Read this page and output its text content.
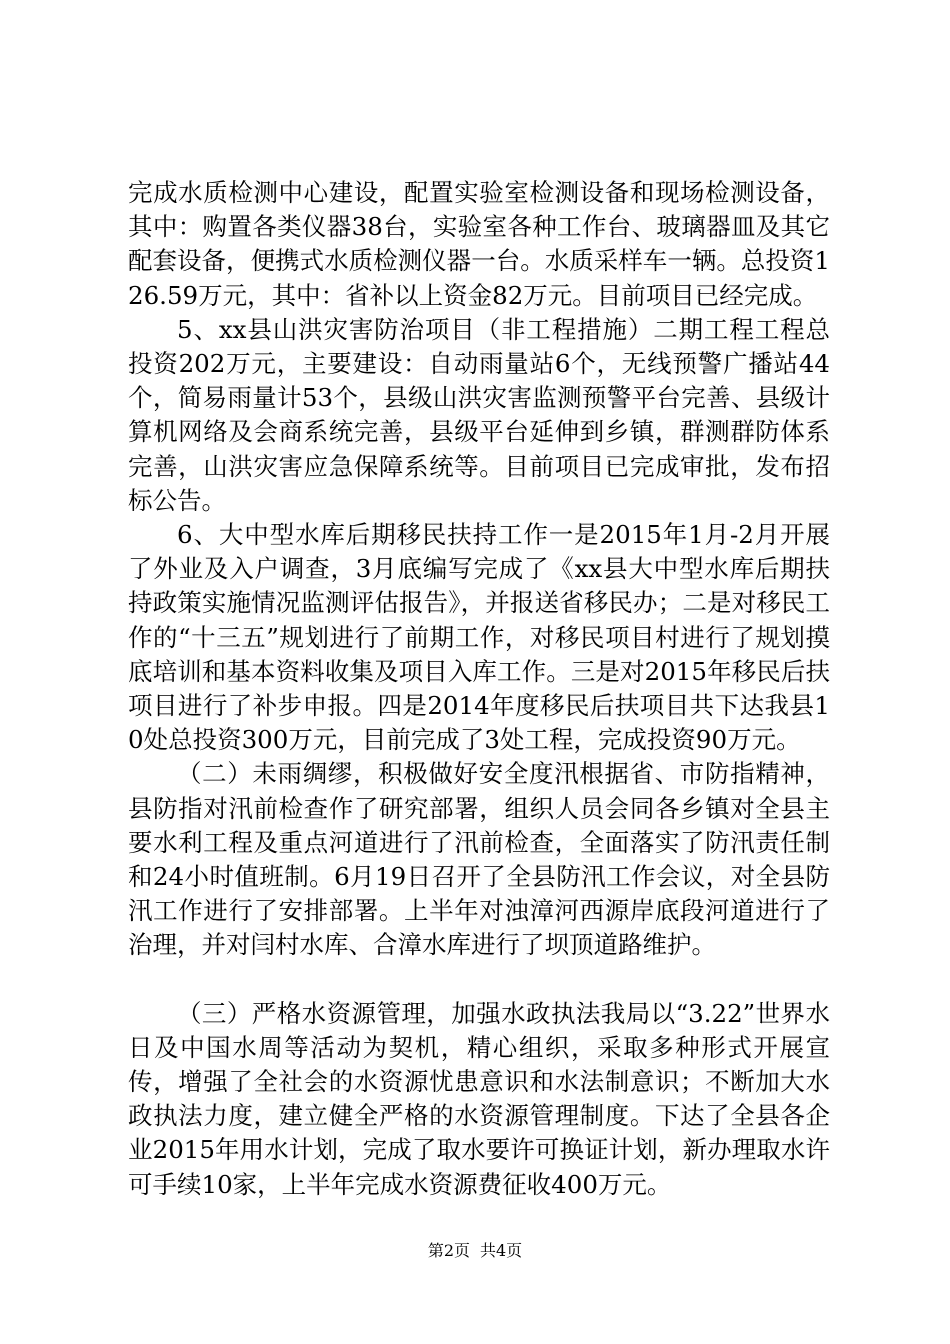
完成水质检测中心建设，配置实验室检测设备和现场检测设备，其中：购置各类仪器38台，实验室各种工作台、玻璃器皿及其它配套设备，便携式水质检测仪器一台。水质采样车一辆。总投资126.59万元，其中：省补以上资金82万元。目前项目已经完成。

5、xx县山洪灾害防治项目（非工程措施）二期工程工程总投资202万元，主要建设：自动雨量站6个，无线预警广播站44个，简易雨量计53个，县级山洪灾害监测预警平台完善、县级计算机网络及会商系统完善，县级平台延伸到乡镇，群测群防体系完善，山洪灾害应急保障系统等。目前项目已完成审批，发布招标公告。

6、大中型水库后期移民扶持工作一是2015年1月-2月开展了外业及入户调查，3月底编写完成了《xx县大中型水库后期扶持政策实施情况监测评估报告》，并报送省移民办；二是对移民工作的“十三五”规划进行了前期工作，对移民项目村进行了规划摸底培训和基本资料收集及项目入库工作。三是对2015年移民后扶项目进行了补步申报。四是2014年度移民后扶项目共下达我县10处总投资300万元，目前完成了3处工程，完成投资90万元。

（二）未雨绸缪，积极做好安全度汛根据省、市防指精神，县防指对汛前检查作了研究部署，组织人员会同各乡镇对全县主要水利工程及重点河道进行了汛前检查，全面落实了防汛责任制和24小时值班制。6月19日召开了全县防汛工作会议，对全县防汛工作进行了安排部署。上半年对浊漳河西源岸底段河道进行了治理，并对闫村水库、合漳水库进行了坝顶道路维护。

（三）严格水资源管理，加强水政执法我局以“3.22”世界水日及中国水周等活动为契机，精心组织，采取多种形式开展宣传，增强了全社会的水资源忧患意识和水法制意识；不断加大水政执法力度，建立健全严格的水资源管理制度。下达了全县各企业2015年用水计划，完成了取水要许可换证计划，新办理取水许可手续10家，上半年完成水资源费征收400万元。

第2页 共4页
